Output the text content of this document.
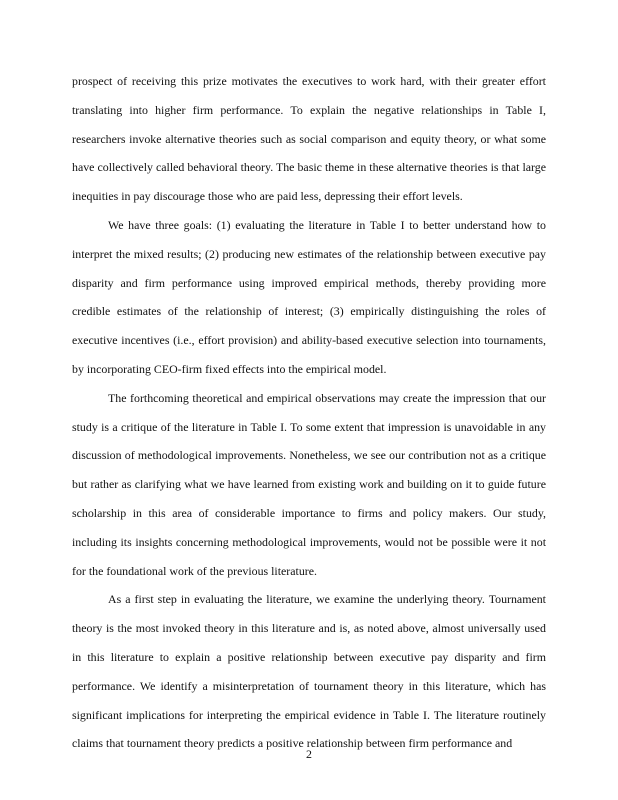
prospect of receiving this prize motivates the executives to work hard, with their greater effort translating into higher firm performance. To explain the negative relationships in Table I, researchers invoke alternative theories such as social comparison and equity theory, or what some have collectively called behavioral theory. The basic theme in these alternative theories is that large inequities in pay discourage those who are paid less, depressing their effort levels.

We have three goals: (1) evaluating the literature in Table I to better understand how to interpret the mixed results; (2) producing new estimates of the relationship between executive pay disparity and firm performance using improved empirical methods, thereby providing more credible estimates of the relationship of interest; (3) empirically distinguishing the roles of executive incentives (i.e., effort provision) and ability-based executive selection into tournaments, by incorporating CEO-firm fixed effects into the empirical model.

The forthcoming theoretical and empirical observations may create the impression that our study is a critique of the literature in Table I. To some extent that impression is unavoidable in any discussion of methodological improvements. Nonetheless, we see our contribution not as a critique but rather as clarifying what we have learned from existing work and building on it to guide future scholarship in this area of considerable importance to firms and policy makers. Our study, including its insights concerning methodological improvements, would not be possible were it not for the foundational work of the previous literature.

As a first step in evaluating the literature, we examine the underlying theory. Tournament theory is the most invoked theory in this literature and is, as noted above, almost universally used in this literature to explain a positive relationship between executive pay disparity and firm performance. We identify a misinterpretation of tournament theory in this literature, which has significant implications for interpreting the empirical evidence in Table I. The literature routinely claims that tournament theory predicts a positive relationship between firm performance and

2
